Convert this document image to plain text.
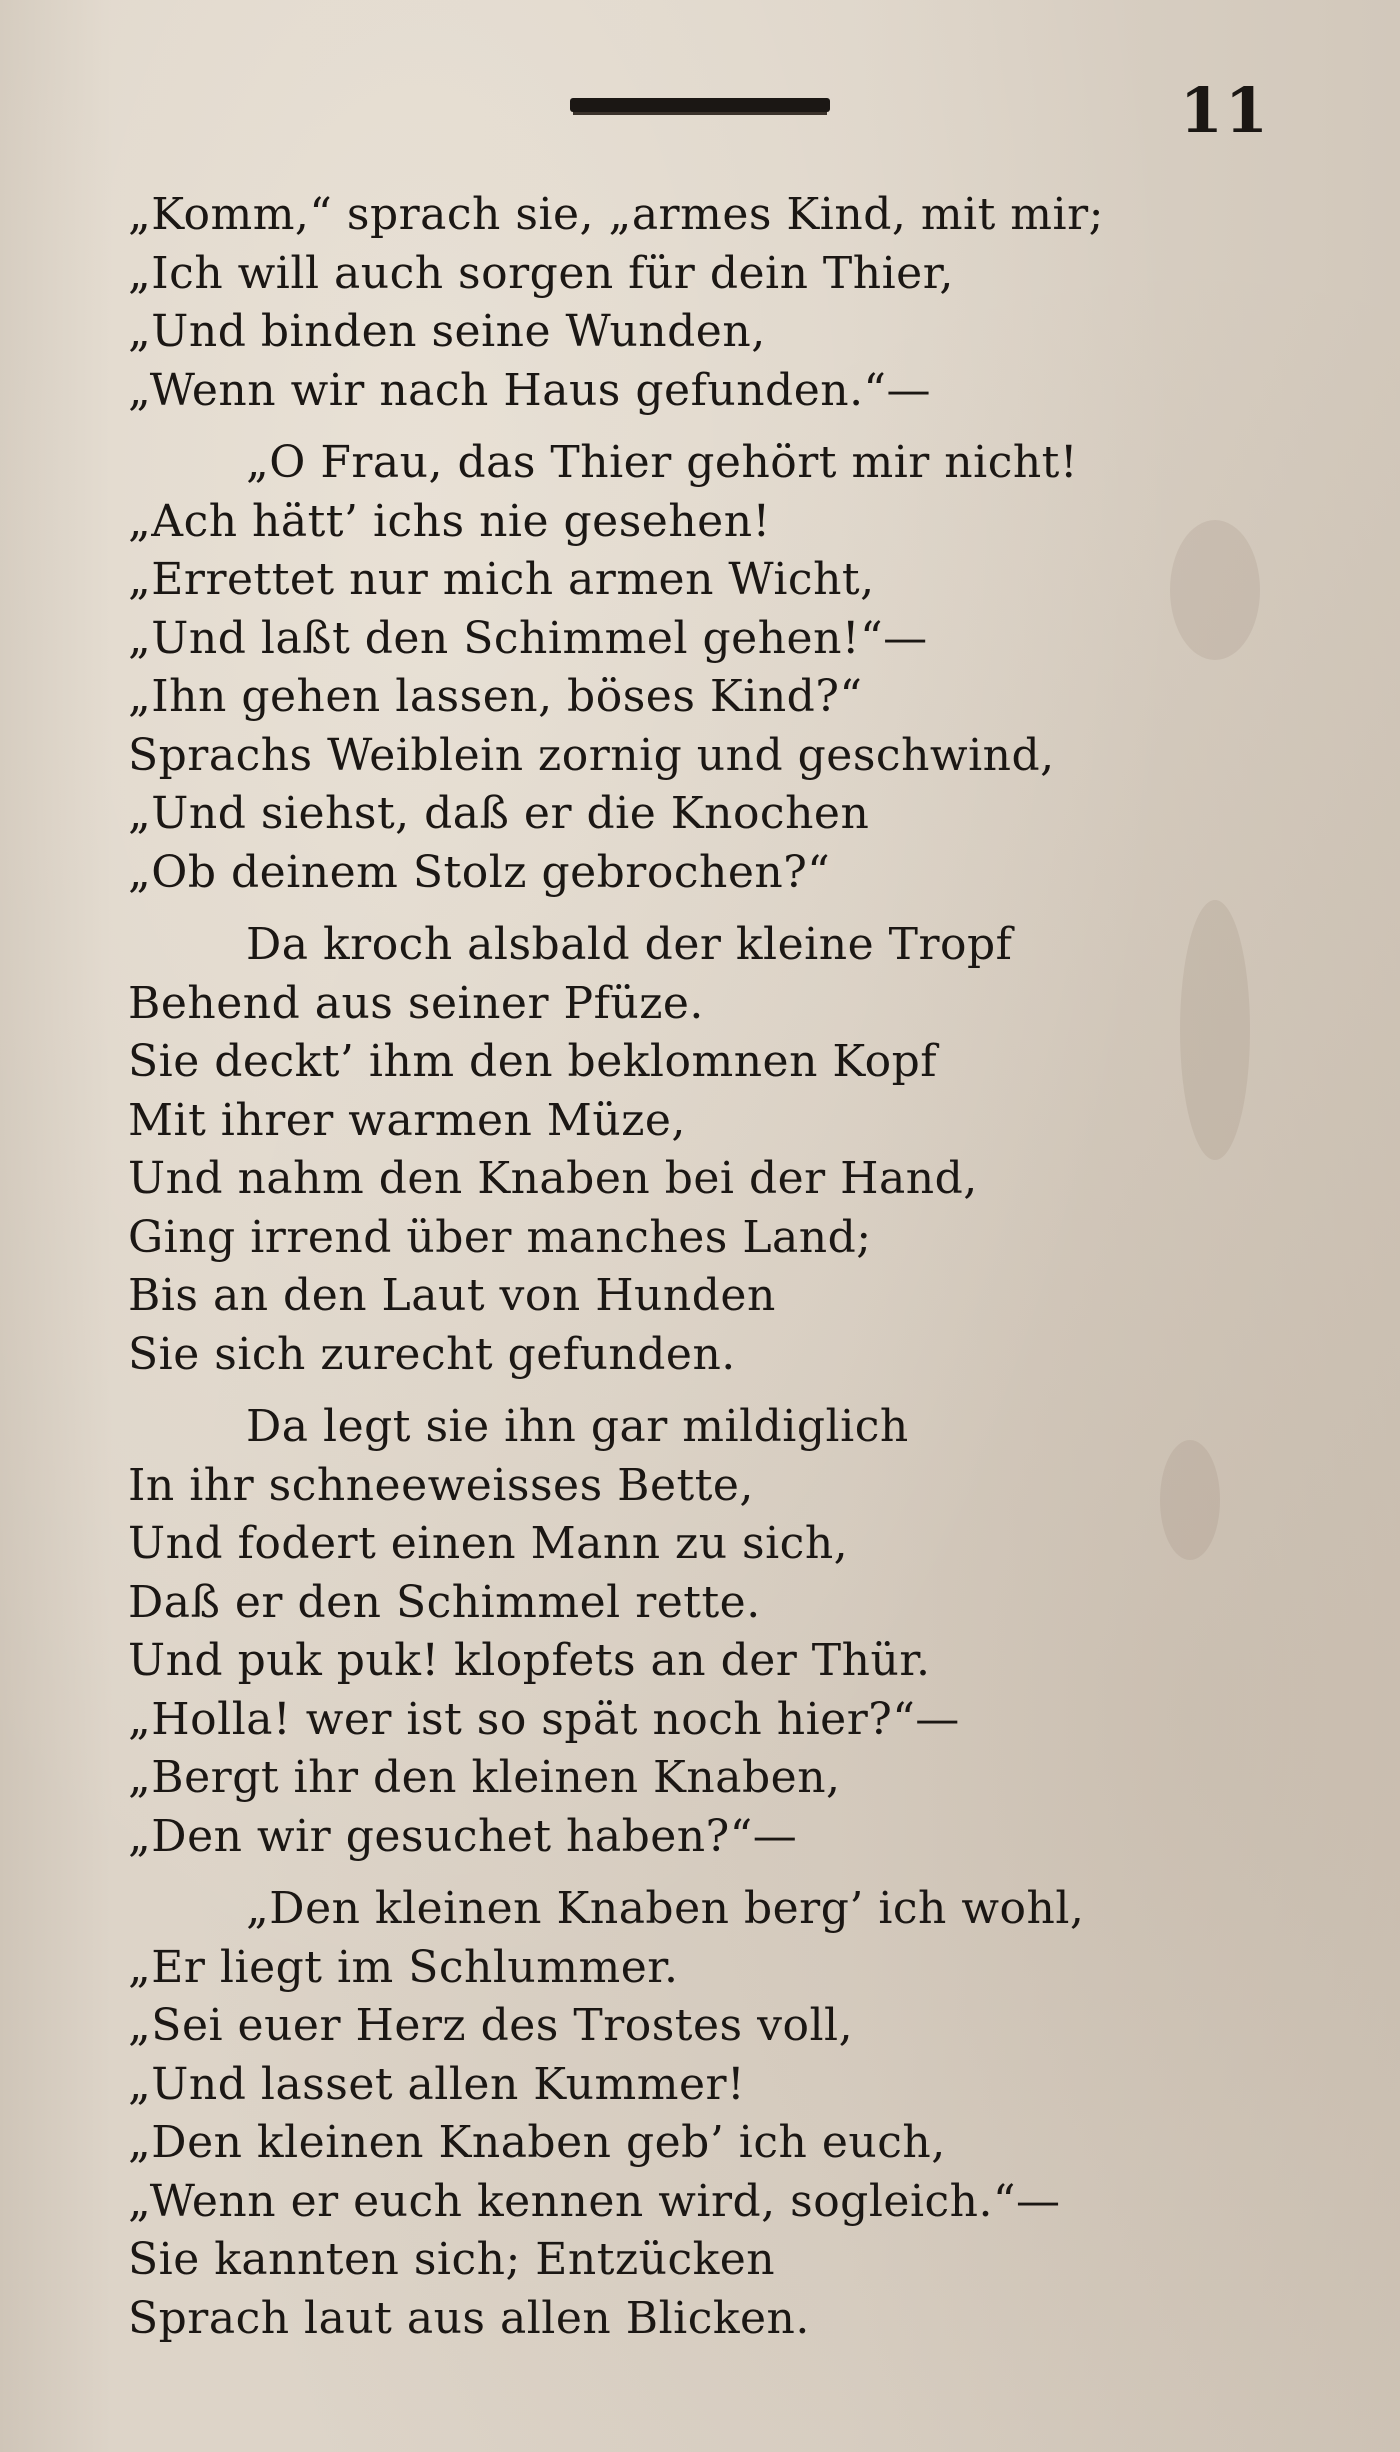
11
„Komm,“ sprach sie, „armes Kind, mit mir;
„Ich will auch sorgen für dein Thier,
„Und binden seine Wunden,
„Wenn wir nach Haus gefunden.“—
„O Frau, das Thier gehört mir nicht!
„Ach hätt’ ichs nie gesehen!
„Errettet nur mich armen Wicht,
„Und laßt den Schimmel gehen!“—
„Ihn gehen lassen, böses Kind?“
Sprachs Weiblein zornig und geschwind,
„Und siehst, daß er die Knochen
„Ob deinem Stolz gebrochen?“
Da kroch alsbald der kleine Tropf
Behend aus seiner Pfüze.
Sie deckt’ ihm den beklomnen Kopf
Mit ihrer warmen Müze,
Und nahm den Knaben bei der Hand,
Ging irrend über manches Land;
Bis an den Laut von Hunden
Sie sich zurecht gefunden.
Da legt sie ihn gar mildiglich
In ihr schneeweisses Bette,
Und fodert einen Mann zu sich,
Daß er den Schimmel rette.
Und puk puk! klopfets an der Thür.
„Holla! wer ist so spät noch hier?“—
„Bergt ihr den kleinen Knaben,
„Den wir gesuchet haben?“—
„Den kleinen Knaben berg’ ich wohl,
„Er liegt im Schlummer.
„Sei euer Herz des Trostes voll,
„Und lasset allen Kummer!
„Den kleinen Knaben geb’ ich euch,
„Wenn er euch kennen wird, sogleich.“—
Sie kannten sich; Entzücken
Sprach laut aus allen Blicken.
